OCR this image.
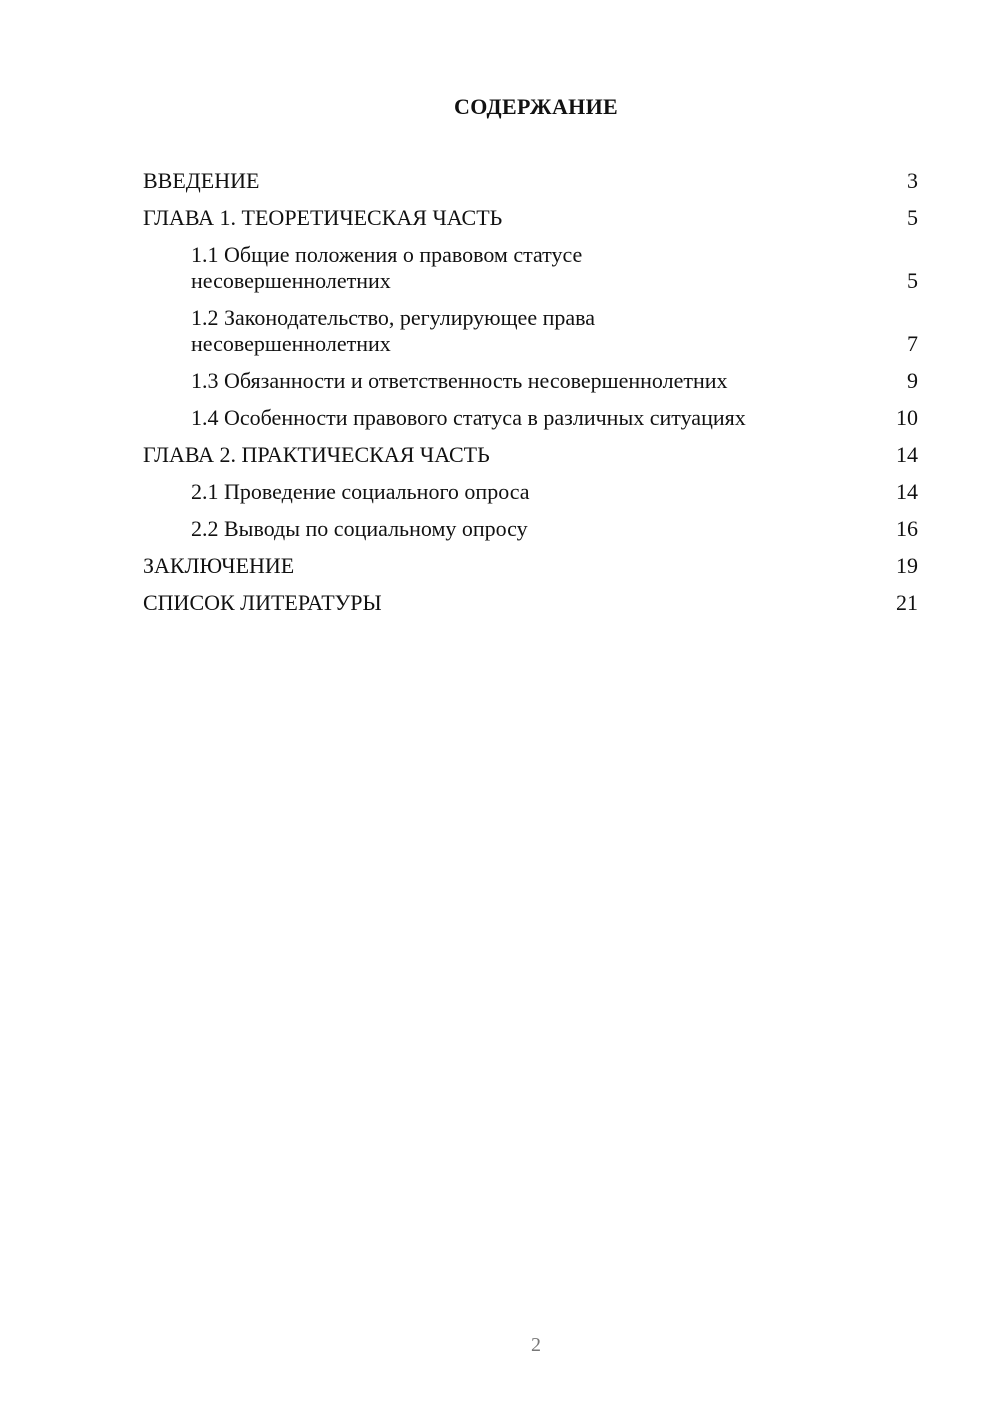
СОДЕРЖАНИЕ
ВВЕДЕНИЕ	3
ГЛАВА 1. ТЕОРЕТИЧЕСКАЯ ЧАСТЬ	5
1.1 Общие положения о правовом статусе несовершеннолетних	5
1.2 Законодательство, регулирующее права несовершеннолетних	7
1.3 Обязанности и ответственность несовершеннолетних	9
1.4 Особенности правового статуса в различных ситуациях	10
ГЛАВА 2. ПРАКТИЧЕСКАЯ ЧАСТЬ	14
2.1 Проведение социального опроса	14
2.2 Выводы по социальному опросу	16
ЗАКЛЮЧЕНИЕ	19
СПИСОК ЛИТЕРАТУРЫ	21
2
